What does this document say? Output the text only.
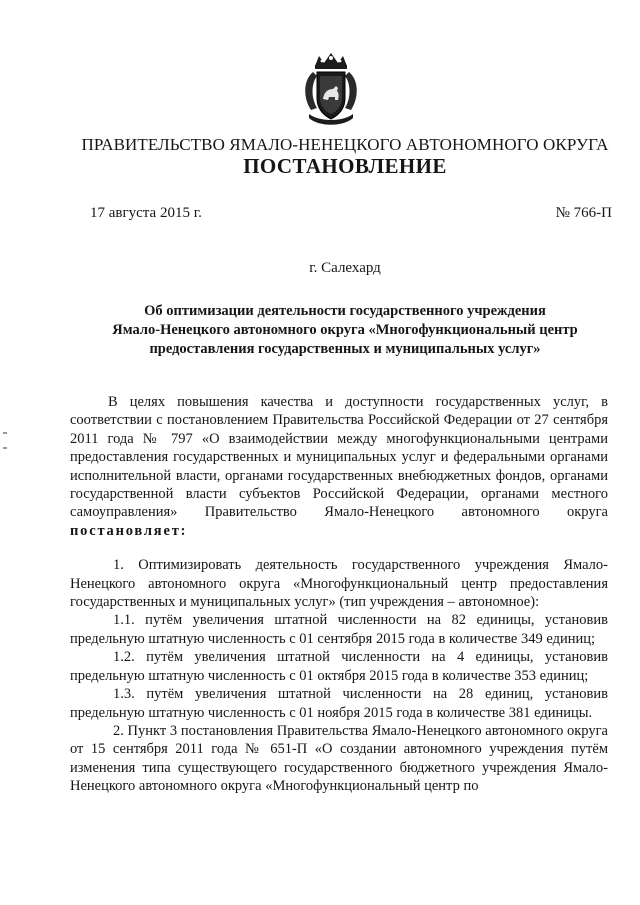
ПРАВИТЕЛЬСТВО ЯМАЛО-НЕНЕЦКОГО АВТОНОМНОГО ОКРУГА
ПОСТАНОВЛЕНИЕ
17 августа 2015 г.	№ 766-П
г. Салехард
Об оптимизации деятельности государственного учреждения
Ямало-Ненецкого автономного округа «Многофункциональный центр
предоставления государственных и муниципальных услуг»

В целях повышения качества и доступности государственных услуг, в соответствии с постановлением Правительства Российской Федерации от 27 сентября 2011 года № 797 «О взаимодействии между многофункциональными центрами предоставления государственных и муниципальных услуг и федеральными органами исполнительной власти, органами государственных внебюджетных фондов, органами государственной власти субъектов Российской Федерации, органами местного самоуправления» Правительство Ямало-Ненецкого автономного округа постановляет:

1. Оптимизировать деятельность государственного учреждения Ямало-Ненецкого автономного округа «Многофункциональный центр предоставления государственных и муниципальных услуг» (тип учреждения – автономное):

1.1. путём увеличения штатной численности на 82 единицы, установив предельную штатную численность с 01 сентября 2015 года в количестве 349 единиц;

1.2. путём увеличения штатной численности на 4 единицы, установив предельную штатную численность с 01 октября 2015 года в количестве 353 единиц;

1.3. путём увеличения штатной численности на 28 единиц, установив предельную штатную численность с 01 ноября 2015 года в количестве 381 единицы.

2. Пункт 3 постановления Правительства Ямало-Ненецкого автономного округа от 15 сентября 2011 года № 651-П «О создании автономного учреждения путём изменения типа существующего государственного бюджетного учреждения Ямало-Ненецкого автономного округа «Многофункциональный центр по
